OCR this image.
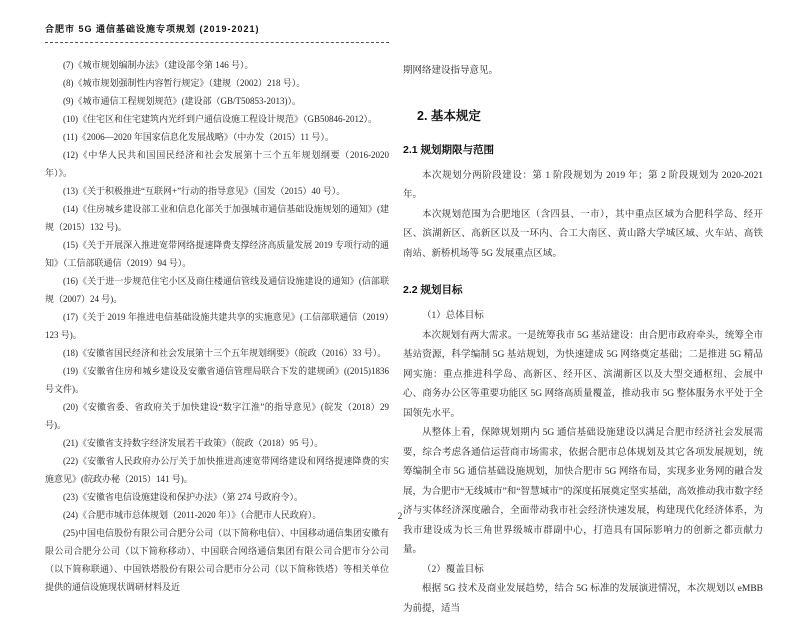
合肥市 5G 通信基础设施专项规划 (2019-2021)

(7)《城市规划编制办法》（建设部令第 146 号）。

(8)《城市规划强制性内容暂行规定》（建规（2002）218 号）。

(9)《城市通信工程规划规范》(建设部（GB/T50853-2013)）。

(10)《住宅区和住宅建筑内光纤到户通信设施工程设计规范》（GB50846-2012）。

(11)《2006—2020 年国家信息化发展战略》（中办发（2015）11 号）。

(12)《中华人民共和国国民经济和社会发展第十三个五年规划纲要（2016-2020 年）》。

(13)《关于积极推进“互联网+”行动的指导意见》（国发（2015）40 号）。

(14)《住房城乡建设部工业和信息化部关于加强城市通信基础设施规划的通知》(建规（2015）132 号)。

(15)《关于开展深入推进宽带网络提速降费支撑经济高质量发展 2019 专项行动的通知》（工信部联通信（2019）94 号）。

(16)《关于进一步规范住宅小区及商住楼通信管线及通信设施建设的通知》(信部联规（2007）24 号)。

(17)《关于 2019 年推进电信基础设施共建共享的实施意见》(工信部联通信（2019）123 号)。

(18)《安徽省国民经济和社会发展第十三个五年规划纲要》（皖政（2016）33 号）。

(19)《安徽省住房和城乡建设及安徽省通信管理局联合下发的建规函》((2015)1836 号文件)。

(20)《安徽省委、省政府关于加快建设“数字江淮”的指导意见》(皖发（2018）29 号)。

(21)《安徽省支持数字经济发展若干政策》（皖政（2018）95 号）。

(22)《安徽省人民政府办公厅关于加快推进高速宽带网络建设和网络提速降费的实施意见》(皖政办秘（2015）141 号)。

(23)《安徽省电信设施建设和保护办法》（第 274 号政府令）。

(24)《合肥市城市总体规划（2011-2020 年）》（合肥市人民政府）。

(25)中国电信股份有限公司合肥分公司（以下简称电信）、中国移动通信集团安徽有限公司合肥分公司（以下简称移动）、中国联合网络通信集团有限公司合肥市分公司（以下简称联通）、中国铁塔股份有限公司合肥市分公司（以下简称铁塔）等相关单位提供的通信设施现状调研材料及近

期网络建设指导意见。

2. 基本规定
2.1 规划期限与范围

本次规划分两阶段建设：第 1 阶段规划为 2019 年；第 2 阶段规划为 2020-2021 年。

本次规划范围为合肥地区（含四县、一市），其中重点区域为合肥科学岛、经开区、滨湖新区、高新区以及一环内、合工大南区、黄山路大学城区域、火车站、高铁南站、新桥机场等 5G 发展重点区域。

2.2 规划目标

（1）总体目标

本次规划有两大需求。一是统筹我市 5G 基站建设：由合肥市政府牵头，统筹全市基站资源，科学编制 5G 基站规划，为快速建成 5G 网络奠定基础；二是推进 5G 精品网实施：重点推进科学岛、高新区、经开区、滨湖新区以及大型交通枢纽、会展中心、商务办公区等重要功能区 5G 网络高质量覆盖，推动我市 5G 整体服务水平处于全国领先水平。

从整体上看，保障规划期内 5G 通信基础设施建设以满足合肥市经济社会发展需要，综合考虑各通信运营商市场需求，依据合肥市总体规划及其它各项发展规划，统筹编制全市 5G 通信基础设施规划，加快合肥市 5G 网络布局，实现多业务网的融合发展，为合肥市“无线城市”和“智慧城市”的深度拓展奠定坚实基础，高效推动我市数字经济与实体经济深度融合，全面带动我市社会经济快速发展，构建现代化经济体系，为我市建设成为长三角世界级城市群副中心，打造具有国际影响力的创新之都贡献力量。

（2）覆盖目标

根据 5G 技术及商业发展趋势，结合 5G 标准的发展演进情况，本次规划以 eMBB 为前提，适当

2
